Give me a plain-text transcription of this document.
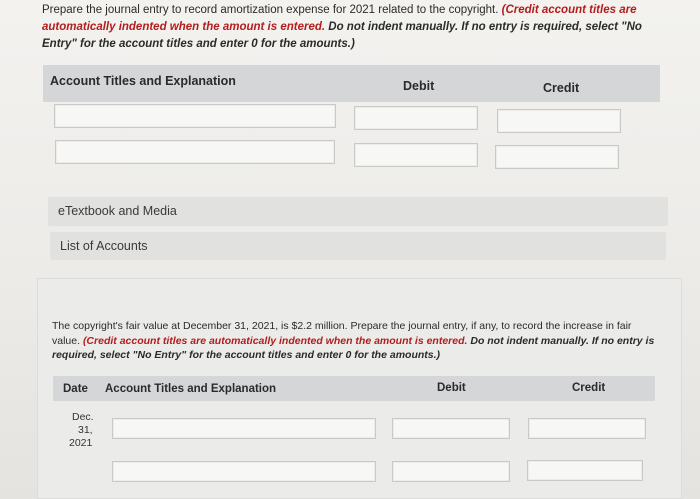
Prepare the journal entry to record amortization expense for 2021 related to the copyright. (Credit account titles are automatically indented when the amount is entered. Do not indent manually. If no entry is required, select "No Entry" for the account titles and enter 0 for the amounts.)
Account Titles and Explanation	Debit	Credit
eTextbook and Media
List of Accounts
The copyright's fair value at December 31, 2021, is $2.2 million. Prepare the journal entry, if any, to record the increase in fair value. (Credit account titles are automatically indented when the amount is entered. Do not indent manually. If no entry is required, select "No Entry" for the account titles and enter 0 for the amounts.)
Date Account Titles and Explanation	Debit	Credit
Dec.
31,
2021
